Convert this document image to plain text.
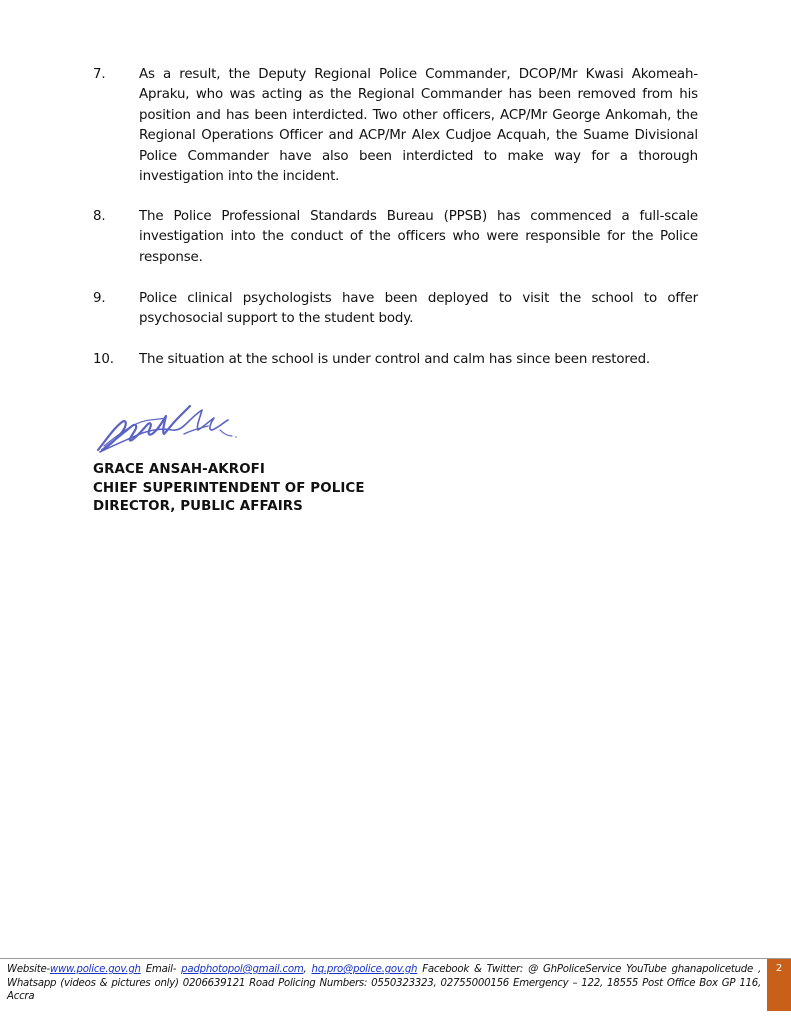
7.	As a result, the Deputy Regional Police Commander, DCOP/Mr Kwasi Akomeah-Apraku, who was acting as the Regional Commander has been removed from his position and has been interdicted. Two other officers, ACP/Mr George Ankomah, the Regional Operations Officer and ACP/Mr Alex Cudjoe Acquah, the Suame Divisional Police Commander have also been interdicted to make way for a thorough investigation into the incident.
8.	The Police Professional Standards Bureau (PPSB) has commenced a full-scale investigation into the conduct of the officers who were responsible for the Police response.
9.	Police clinical psychologists have been deployed to visit the school to offer psychosocial support to the student body.
10.	The situation at the school is under control and calm has since been restored.
GRACE ANSAH-AKROFI
CHIEF SUPERINTENDENT OF POLICE
DIRECTOR, PUBLIC AFFAIRS
Website-www.police.gov.gh Email- padphotopol@gmail.com, hq.pro@police.gov.gh Facebook & Twitter: @ GhPoliceService YouTube ghanapolicetude , Whatsapp (videos & pictures only) 0206639121 Road Policing Numbers: 0550323323, 02755000156 Emergency – 122, 18555 Post Office Box GP 116, Accra
2
